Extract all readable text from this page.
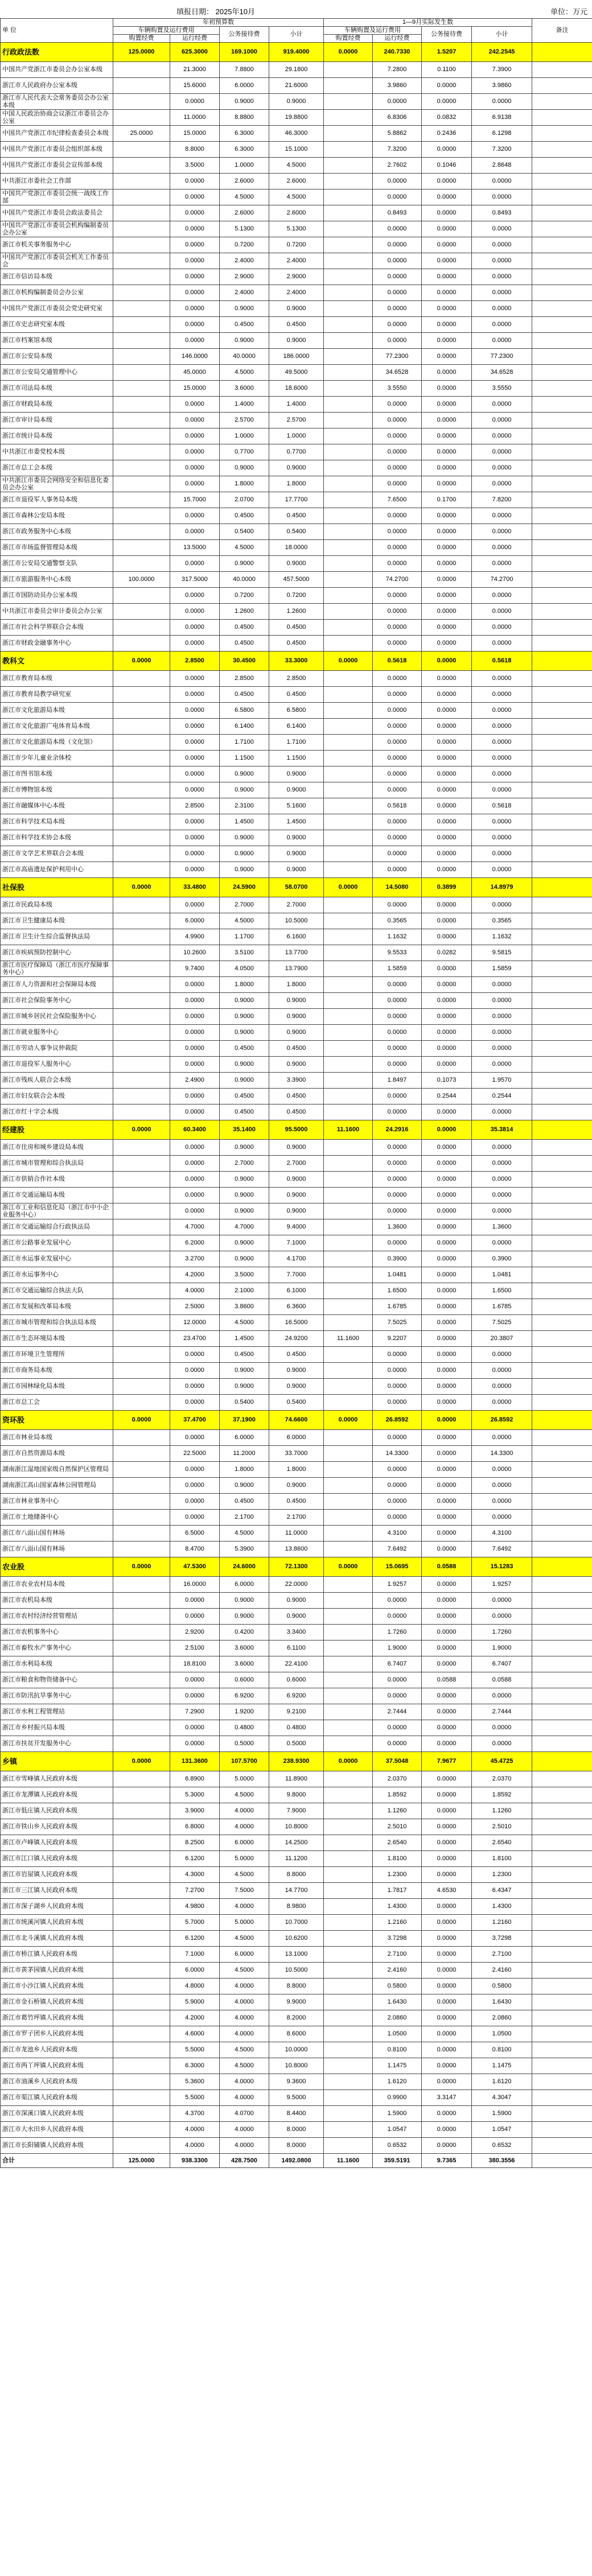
填报日期： 2025年10月	单位：万元
单 位	年初预算数				1—9月实际发生数				备注
	车辆购置及运行费用		公务接待费	小计	车辆购置及运行费用		公务接待费	小计	
	购置经费	运行经费			购置经费	运行经费			
行政政法数	125.0000	625.3000	169.1000	919.4000	0.0000	240.7330	1.5207	242.2545	
中国共产党浙江市委员会办公室本级		21.3000	7.8800	29.1800		7.2800	0.1100	7.3900	
浙江市人民政府办公室本级		15.6000	6.0000	21.6000		3.9860	0.0000	3.9860	
浙江市人民代表大会常务委员会办公室本级		0.0000	0.9000	0.9000		0.0000	0.0000	0.0000	
中国人民政治协商会议浙江市委员会办公室		11.0000	8.8800	19.8800		6.8306	0.0832	6.9138	
中国共产党浙江市纪律检查委员会本级	25.0000	15.0000	6.3000	46.3000		5.8862	0.2436	6.1298	
中国共产党浙江市委员会组织部本级		8.8000	6.3000	15.1000		7.3200	0.0000	7.3200	
中国共产党浙江市委员会宣传部本级		3.5000	1.0000	4.5000		2.7602	0.1046	2.8648	
中共浙江市委社会工作部		0.0000	2.6000	2.6000		0.0000	0.0000	0.0000	
中国共产党浙江市委员会统一战线工作部		0.0000	4.5000	4.5000		0.0000	0.0000	0.0000	
中国共产党浙江市委员会政法委员会		0.0000	2.6000	2.6000		0.8493	0.0000	0.8493	
中国共产党浙江市委员会机构编制委员会办公室		0.0000	5.1300	5.1300		0.0000	0.0000	0.0000	
浙江市机关事务服务中心		0.0000	0.7200	0.7200		0.0000	0.0000	0.0000	
中国共产党浙江市委员会机关工作委员会		0.0000	2.4000	2.4000		0.0000	0.0000	0.0000	
浙江市信访局本级		0.0000	2.9000	2.9000		0.0000	0.0000	0.0000	
浙江市机构编制委员会办公室		0.0000	2.4000	2.4000		0.0000	0.0000	0.0000	
中国共产党浙江市委员会党史研究室		0.0000	0.9000	0.9000		0.0000	0.0000	0.0000	
浙江市史志研究室本级		0.0000	0.4500	0.4500		0.0000	0.0000	0.0000	
浙江市档案馆本级		0.0000	0.9000	0.9000		0.0000	0.0000	0.0000	
浙江市公安局本级		146.0000	40.0000	186.0000		77.2300	0.0000	77.2300	
浙江市公安局交通管理中心		45.0000	4.5000	49.5000		34.6528	0.0000	34.6528	
浙江市司法局本级		15.0000	3.6000	18.6000		3.5550	0.0000	3.5550	
浙江市财政局本级		0.0000	1.4000	1.4000		0.0000	0.0000	0.0000	
浙江市审计局本级		0.0000	2.5700	2.5700		0.0000	0.0000	0.0000	
浙江市统计局本级		0.0000	1.0000	1.0000		0.0000	0.0000	0.0000	
中共浙江市委党校本级		0.0000	0.7700	0.7700		0.0000	0.0000	0.0000	
浙江市总工会本级		0.0000	0.9000	0.9000		0.0000	0.0000	0.0000	
中共浙江市委员会网络安全和信息化委员会办公室		0.0000	1.8000	1.8000		0.0000	0.0000	0.0000	
浙江市退役军人事务局本级		15.7000	2.0700	17.7700		7.6500	0.1700	7.8200	
浙江市森林公安局本级		0.0000	0.4500	0.4500		0.0000	0.0000	0.0000	
浙江市政务服务中心本级		0.0000	0.5400	0.5400		0.0000	0.0000	0.0000	
浙江市市场监督管理局本级		13.5000	4.5000	18.0000		0.0000	0.0000	0.0000	
浙江市公安局交通警察支队		0.0000	0.9000	0.9000		0.0000	0.0000	0.0000	
浙江市旅游服务中心本级	100.0000	317.5000	40.0000	457.5000		74.2700	0.0000	74.2700	
浙江市国防动员办公室本级		0.0000	0.7200	0.7200		0.0000	0.0000	0.0000	
中共浙江市委员会审计委员会办公室		0.0000	1.2600	1.2600		0.0000	0.0000	0.0000	
浙江市社会科学界联合会本级		0.0000	0.4500	0.4500		0.0000	0.0000	0.0000	
浙江市财政金融事务中心		0.0000	0.4500	0.4500		0.0000	0.0000	0.0000	
教科文	0.0000	2.8500	30.4500	33.3000	0.0000	0.5618	0.0000	0.5618	
浙江市教育局本级		0.0000	2.8500	2.8500		0.0000	0.0000	0.0000	
浙江市教育局教学研究室		0.0000	0.4500	0.4500		0.0000	0.0000	0.0000	
浙江市文化旅游局本级		0.0000	6.5800	6.5800		0.0000	0.0000	0.0000	
浙江市文化旅游广电体育局本级		0.0000	6.1400	6.1400		0.0000	0.0000	0.0000	
浙江市文化旅游局本级（文化馆）		0.0000	1.7100	1.7100		0.0000	0.0000	0.0000	
浙江市少年儿童业余体校		0.0000	1.1500	1.1500		0.0000	0.0000	0.0000	
浙江市图书馆本级		0.0000	0.9000	0.9000		0.0000	0.0000	0.0000	
浙江市博物馆本级		0.0000	0.9000	0.9000		0.0000	0.0000	0.0000	
浙江市融媒体中心本级		2.8500	2.3100	5.1600		0.5618	0.0000	0.5618	
浙江市科学技术局本级		0.0000	1.4500	1.4500		0.0000	0.0000	0.0000	
浙江市科学技术协会本级		0.0000	0.9000	0.9000		0.0000	0.0000	0.0000	
浙江市文学艺术界联合会本级		0.0000	0.9000	0.9000		0.0000	0.0000	0.0000	
浙江市高庙遗址保护利用中心		0.0000	0.9000	0.9000		0.0000	0.0000	0.0000	
社保股	0.0000	33.4800	24.5900	58.0700	0.0000	14.5080	0.3899	14.8979	
浙江市民政局本级		0.0000	2.7000	2.7000		0.0000	0.0000	0.0000	
浙江市卫生健康局本级		6.0000	4.5000	10.5000		0.3565	0.0000	0.3565	
浙江市卫生计生综合监督执法局		4.9900	1.1700	6.1600		1.1632	0.0000	1.1632	
浙江市疾病预防控制中心		10.2600	3.5100	13.7700		9.5533	0.0282	9.5815	
浙江市医疗保障局（浙江市医疗保障事务中心）		9.7400	4.0500	13.7900		1.5859	0.0000	1.5859	
浙江市人力资源和社会保障局本级		0.0000	1.8000	1.8000		0.0000	0.0000	0.0000	
浙江市社会保险事务中心		0.0000	0.9000	0.9000		0.0000	0.0000	0.0000	
浙江市城乡居民社会保险服务中心		0.0000	0.9000	0.9000		0.0000	0.0000	0.0000	
浙江市就业服务中心		0.0000	0.9000	0.9000		0.0000	0.0000	0.0000	
浙江市劳动人事争议仲裁院		0.0000	0.4500	0.4500		0.0000	0.0000	0.0000	
浙江市退役军人服务中心		0.0000	0.9000	0.9000		0.0000	0.0000	0.0000	
浙江市残疾人联合会本级		2.4900	0.9000	3.3900		1.8497	0.1073	1.9570	
浙江市妇女联合会本级		0.0000	0.4500	0.4500		0.0000	0.2544	0.2544	
浙江市红十字会本级		0.0000	0.4500	0.4500		0.0000	0.0000	0.0000	
经建股	0.0000	60.3400	35.1400	95.5000	11.1600	24.2916	0.0000	35.3814	
浙江市住房和城乡建设局本级		0.0000	0.9000	0.9000		0.0000	0.0000	0.0000	
浙江市城市管理和综合执法局		0.0000	2.7000	2.7000		0.0000	0.0000	0.0000	
浙江市供销合作社本级		0.0000	0.9000	0.9000		0.0000	0.0000	0.0000	
浙江市交通运输局本级		0.0000	0.9000	0.9000		0.0000	0.0000	0.0000	
浙江市工业和信息化局（浙江市中小企业服务中心）		0.0000	0.9000	0.9000		0.0000	0.0000	0.0000	
浙江市交通运输综合行政执法局		4.7000	4.7000	9.4000		1.3600	0.0000	1.3600	
浙江市公路事业发展中心		6.2000	0.9000	7.1000		0.0000	0.0000	0.0000	
浙江市水运事业发展中心		3.2700	0.9000	4.1700		0.3900	0.0000	0.3900	
浙江市水运事务中心		4.2000	3.5000	7.7000		1.0481	0.0000	1.0481	
浙江市交通运输综合执法大队		4.0000	2.1000	6.1000		1.6500	0.0000	1.6500	
浙江市发展和改革局本级		2.5000	3.8600	6.3600		1.6785	0.0000	1.6785	
浙江市城市管理和综合执法局本级		12.0000	4.5000	16.5000		7.5025	0.0000	7.5025	
浙江市生态环境局本级		23.4700	1.4500	24.9200	11.1600	9.2207	0.0000	20.3807	
浙江市环境卫生管理所		0.0000	0.4500	0.4500		0.0000	0.0000	0.0000	
浙江市商务局本级		0.0000	0.9000	0.9000		0.0000	0.0000	0.0000	
浙江市园林绿化局本级		0.0000	0.9000	0.9000		0.0000	0.0000	0.0000	
浙江市总工会		0.0000	0.5400	0.5400		0.0000	0.0000	0.0000	
资环股	0.0000	37.4700	37.1900	74.6600	0.0000	26.8592	0.0000	26.8592	
浙江市林业局本级		0.0000	6.0000	6.0000		0.0000	0.0000	0.0000	
浙江市自然资源局本级		22.5000	11.2000	33.7000		14.3300	0.0000	14.3300	
湖南浙江湿地国家级自然保护区管理局		0.0000	1.8000	1.8000		0.0000	0.0000	0.0000	
湖南浙江高山国家森林公园管理局		0.0000	0.9000	0.9000		0.0000	0.0000	0.0000	
浙江市林业事务中心		0.0000	0.4500	0.4500		0.0000	0.0000	0.0000	
浙江市土地储备中心		0.0000	2.1700	2.1700		0.0000	0.0000	0.0000	
浙江市八面山国有林场		6.5000	4.5000	11.0000		4.3100	0.0000	4.3100	
浙江市八面山国有林场		8.4700	5.3900	13.8600		7.6492	0.0000	7.6492	
农业股	0.0000	47.5300	24.6000	72.1300	0.0000	15.0695	0.0588	15.1283	
浙江市农业农村局本级		16.0000	6.0000	22.0000		1.9257	0.0000	1.9257	
浙江市农机局本级		0.0000	0.9000	0.9000		0.0000	0.0000	0.0000	
浙江市农村经济经营管理站		0.0000	0.9000	0.9000		0.0000	0.0000	0.0000	
浙江市农机事务中心		2.9200	0.4200	3.3400		1.7260	0.0000	1.7260	
浙江市畜牧水产事务中心		2.5100	3.6000	6.1100		1.9000	0.0000	1.9000	
浙江市水利局本级		18.8100	3.6000	22.4100		6.7407	0.0000	6.7407	
浙江市粮食和物资储备中心		0.0000	0.6000	0.6000		0.0000	0.0588	0.0588	
浙江市防汛抗旱事务中心		0.0000	6.9200	6.9200		0.0000	0.0000	0.0000	
浙江市水利工程管理站		7.2900	1.9200	9.2100		2.7444	0.0000	2.7444	
浙江市乡村振兴局本级		0.0000	0.4800	0.4800		0.0000	0.0000	0.0000	
浙江市扶贫开发服务中心		0.0000	0.5000	0.5000		0.0000	0.0000	0.0000	
乡镇	0.0000	131.3600	107.5700	238.9300	0.0000	37.5048	7.9677	45.4725	
浙江市雪峰镇人民政府本级		6.8900	5.0000	11.8900		2.0370	0.0000	2.0370	
浙江市龙潭镇人民政府本级		5.3000	4.5000	9.8000		1.8592	0.0000	1.8592	
浙江市低庄镇人民政府本级		3.9000	4.0000	7.9000		1.1260	0.0000	1.1260	
浙江市铁山乡人民政府本级		6.8000	4.0000	10.8000		2.5010	0.0000	2.5010	
浙江市卢峰镇人民政府本级		8.2500	6.0000	14.2500		2.6540	0.0000	2.6540	
浙江市江口镇人民政府本级		6.1200	5.0000	11.1200		1.8100	0.0000	1.8100	
浙江市岩屋镇人民政府本级		4.3000	4.5000	8.8000		1.2300	0.0000	1.2300	
浙江市三江镇人民政府本级		7.2700	7.5000	14.7700		1.7817	4.6530	6.4347	
浙江市深子湖乡人民政府本级		4.9800	4.0000	8.9800		1.4300	0.0000	1.4300	
浙江市统溪河镇人民政府本级		5.7000	5.0000	10.7000		1.2160	0.0000	1.2160	
浙江市北斗溪镇人民政府本级		6.1200	4.5000	10.6200		3.7298	0.0000	3.7298	
浙江市桥江镇人民政府本级		7.1000	6.0000	13.1000		2.7100	0.0000	2.7100	
浙江市黄茅园镇人民政府本级		6.0000	4.5000	10.5000		2.4160	0.0000	2.4160	
浙江市小沙江镇人民政府本级		4.8000	4.0000	8.8000		0.5800	0.0000	0.5800	
浙江市金石桥镇人民政府本级		5.9000	4.0000	9.9000		1.6430	0.0000	1.6430	
浙江市葛竹坪镇人民政府本级		4.2000	4.0000	8.2000		2.0860	0.0000	2.0860	
浙江市罗子团乡人民政府本级		4.6000	4.0000	8.6000		1.0500	0.0000	1.0500	
浙江市龙池乡人民政府本级		5.5000	4.5000	10.0000		0.8100	0.0000	0.8100	
浙江市两丫坪镇人民政府本级		6.3000	4.5000	10.8000		1.1475	0.0000	1.1475	
浙江市油溪乡人民政府本级		5.3600	4.0000	9.3600		1.6120	0.0000	1.6120	
浙江市渠江镇人民政府本级		5.5000	4.0000	9.5000		0.9900	3.3147	4.3047	
浙江市深溪口镇人民政府本级		4.3700	4.0700	8.4400		1.5900	0.0000	1.5900	
浙江市大水田乡人民政府本级		4.0000	4.0000	8.0000		1.0547	0.0000	1.0547	
浙江市长阳铺镇人民政府本级		4.0000	4.0000	8.0000		0.6532	0.0000	0.6532	
合计	125.0000	938.3300	428.7500	1492.0800	11.1600	359.5191	9.7365	380.3556	
